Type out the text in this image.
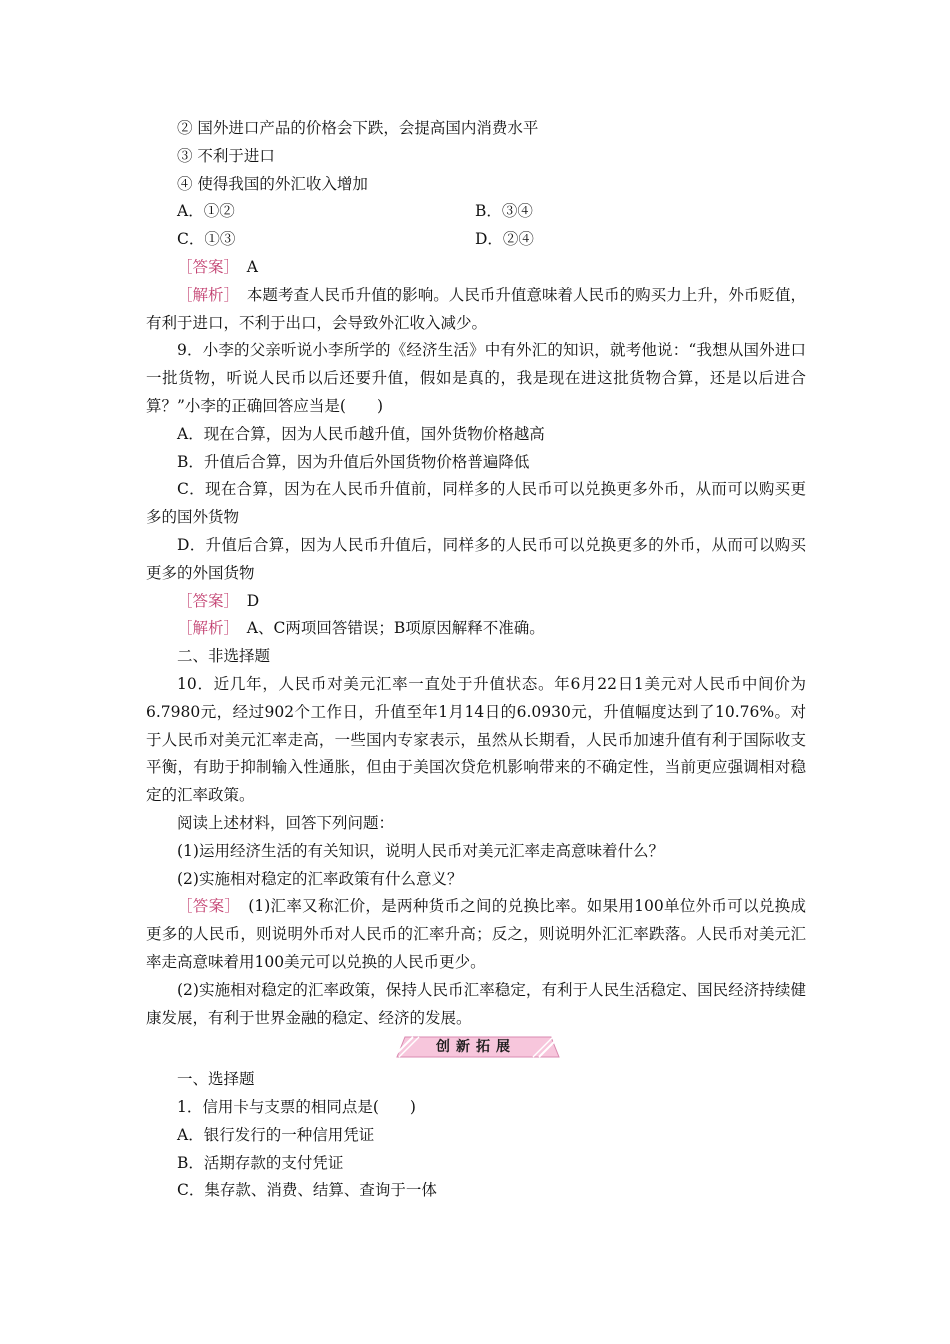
② 国外进口产品的价格会下跌，会提高国内消费水平

③ 不利于进口

④ 使得我国的外汇收入增加

A．①②	B．③④
C．①③	D．②④

［答案］　A

［解析］　本题考查人民币升值的影响。人民币升值意味着人民币的购买力上升，外币贬值，有利于进口，不利于出口，会导致外汇收入减少。

9．小李的父亲听说小李所学的《经济生活》中有外汇的知识，就考他说：“我想从国外进口一批货物，听说人民币以后还要升值，假如是真的，我是现在进这批货物合算，还是以后进合算？”小李的正确回答应当是(　　)

A．现在合算，因为人民币越升值，国外货物价格越高

B．升值后合算，因为升值后外国货物价格普遍降低

C．现在合算，因为在人民币升值前，同样多的人民币可以兑换更多外币，从而可以购买更多的国外货物

D．升值后合算，因为人民币升值后，同样多的人民币可以兑换更多的外币，从而可以购买更多的外国货物

［答案］　D

［解析］　A、C两项回答错误；B项原因解释不准确。

二、非选择题

10．近几年，人民币对美元汇率一直处于升值状态。年6月22日1美元对人民币中间价为6.7980元，经过902个工作日，升值至年1月14日的6.0930元，升值幅度达到了10.76%。对于人民币对美元汇率走高，一些国内专家表示，虽然从长期看，人民币加速升值有利于国际收支平衡，有助于抑制输入性通胀，但由于美国次贷危机影响带来的不确定性，当前更应强调相对稳定的汇率政策。

阅读上述材料，回答下列问题：

(1)运用经济生活的有关知识，说明人民币对美元汇率走高意味着什么？

(2)实施相对稳定的汇率政策有什么意义？

［答案］　(1)汇率又称汇价，是两种货币之间的兑换比率。如果用100单位外币可以兑换成更多的人民币，则说明外币对人民币的汇率升高；反之，则说明外汇汇率跌落。人民币对美元汇率走高意味着用100美元可以兑换的人民币更少。

(2)实施相对稳定的汇率政策，保持人民币汇率稳定，有利于人民生活稳定、国民经济持续健康发展，有利于世界金融的稳定、经济的发展。

创新拓展

一、选择题

1．信用卡与支票的相同点是(　　)

A．银行发行的一种信用凭证

B．活期存款的支付凭证

C．集存款、消费、结算、查询于一体
